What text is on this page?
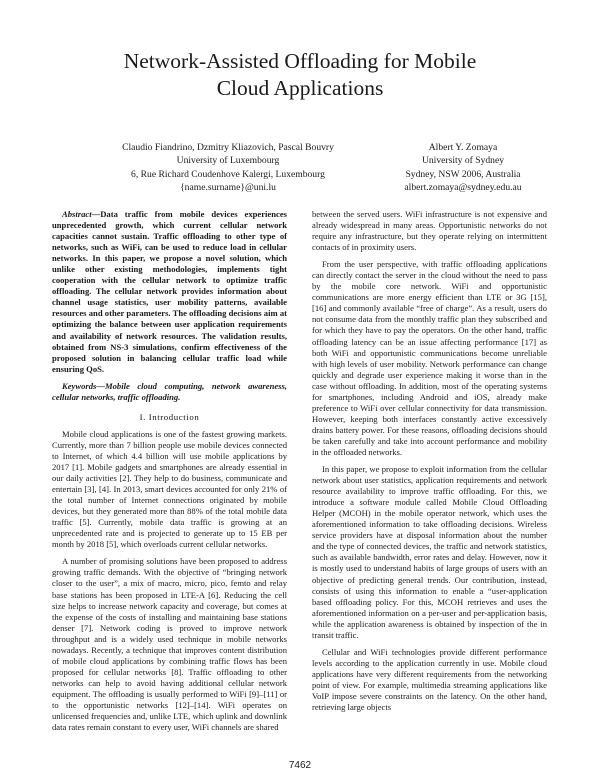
Network-Assisted Offloading for Mobile
Cloud Applications
Claudio Fiandrino, Dzmitry Kliazovich, Pascal Bouvry
University of Luxembourg
6, Rue Richard Coudenhove Kalergi, Luxembourg
{name.surname}@uni.lu
Albert Y. Zomaya
University of Sydney
Sydney, NSW 2006, Australia
albert.zomaya@sydney.edu.au

Abstract—Data traffic from mobile devices experiences unprecedented growth, which current cellular network capacities cannot sustain. Traffic offloading to other type of networks, such as WiFi, can be used to reduce load in cellular networks. In this paper, we propose a novel solution, which unlike other existing methodologies, implements tight cooperation with the cellular network to optimize traffic offloading. The cellular network provides information about channel usage statistics, user mobility patterns, available resources and other parameters. The offloading decisions aim at optimizing the balance between user application requirements and availability of network resources. The validation results, obtained from NS-3 simulations, confirm effectiveness of the proposed solution in balancing cellular traffic load while ensuring QoS.

Keywords—Mobile cloud computing, network awareness, cellular networks, traffic offloading.

I. Introduction

Mobile cloud applications is one of the fastest growing markets. Currently, more than 7 billion people use mobile devices connected to Internet, of which 4.4 billion will use mobile applications by 2017 [1]. Mobile gadgets and smartphones are already essential in our daily activities [2]. They help to do business, communicate and entertain [3], [4]. In 2013, smart devices accounted for only 21% of the total number of Internet connections originated by mobile devices, but they generated more than 88% of the total mobile data traffic [5]. Currently, mobile data traffic is growing at an unprecedented rate and is projected to generate up to 15 EB per month by 2018 [5], which overloads current cellular networks.

A number of promising solutions have been proposed to address growing traffic demands. With the objective of “bringing network closer to the user”, a mix of macro, micro, pico, femto and relay base stations has been proposed in LTE-A [6]. Reducing the cell size helps to increase network capacity and coverage, but comes at the expense of the costs of installing and maintaining base stations denser [7]. Network coding is proved to improve network throughput and is a widely used technique in mobile networks nowadays. Recently, a technique that improves content distribution of mobile cloud applications by combining traffic flows has been proposed for cellular networks [8]. Traffic offloading to other networks can help to avoid having additional cellular network equipment. The offloading is usually performed to WiFi [9]–[11] or to the opportunistic networks [12]–[14]. WiFi operates on unlicensed frequencies and, unlike LTE, which uplink and downlink data rates remain constant to every user, WiFi channels are shared

between the served users. WiFi infrastructure is not expensive and already widespread in many areas. Opportunistic networks do not require any infrastructure, but they operate relying on intermittent contacts of in proximity users.

From the user perspective, with traffic offloading applications can directly contact the server in the cloud without the need to pass by the mobile core network. WiFi and opportunistic communications are more energy efficient than LTE or 3G [15], [16] and commonly available “free of charge”. As a result, users do not consume data from the monthly traffic plan they subscribed and for which they have to pay the operators. On the other hand, traffic offloading latency can be an issue affecting performance [17] as both WiFi and opportunistic communications become unreliable with high levels of user mobility. Network performance can change quickly and degrade user experience making it worse than in the case without offloading. In addition, most of the operating systems for smartphones, including Android and iOS, already make preference to WiFi over cellular connectivity for data transmission. However, keeping both interfaces constantly active excessively drains battery power. For these reasons, offloading decisions should be taken carefully and take into account performance and mobility in the offloaded networks.

In this paper, we propose to exploit information from the cellular network about user statistics, application requirements and network resource availability to improve traffic offloading. For this, we introduce a software module called Mobile Cloud Offloading Helper (MCOH) in the mobile operator network, which uses the aforementioned information to take offloading decisions. Wireless service providers have at disposal information about the number and the type of connected devices, the traffic and network statistics, such as available bandwidth, error rates and delay. However, now it is mostly used to understand habits of large groups of users with an objective of predicting general trends. Our contribution, instead, consists of using this information to enable a “user-application based offloading policy. For this, MCOH retrieves and uses the aforementioned information on a per-user and per-application basis, while the application awareness is obtained by inspection of the in transit traffic.

Cellular and WiFi technologies provide different performance levels according to the application currently in use. Mobile cloud applications have very different requirements from the networking point of view. For example, multimedia streaming applications like VoIP impose severe constraints on the latency. On the other hand, retrieving large objects

7462
